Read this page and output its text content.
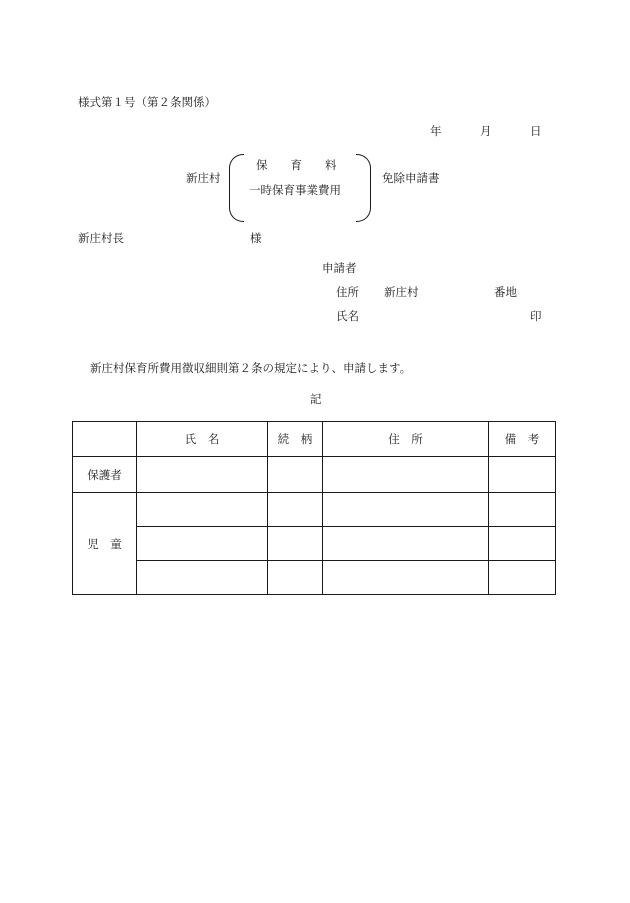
様式第１号（第２条関係）
年	月	日
新庄村
保　　育　　料
一時保育事業費用
免除申請書
新庄村長	様
申請者
住所 新庄村	番地
氏名	印
新庄村保育所費用徴収細則第２条の規定により、申請します。
記
	氏　名	続　柄	住　所	備　考
保護者				
児　童				
